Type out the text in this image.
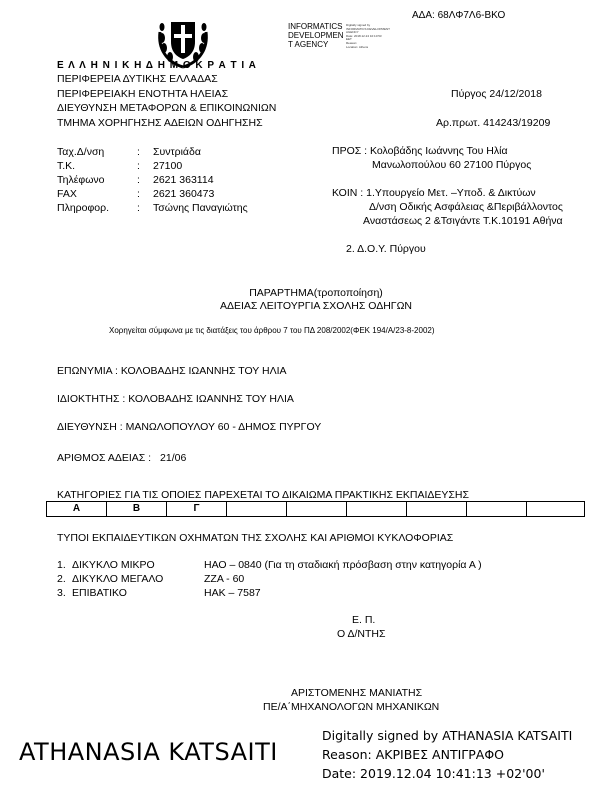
ΑΔΑ: 68ΛΦ7Λ6-ΒΚΟ
INFORMATICS
DEVELOPMEN
T AGENCY
Digitally signed by
INFORMATICS DEVELOPMENT
AGENCY
Date: 2018.12.24 10:10:53
EET
Reason:
Location: Athens
Ε Λ Λ Η Ν Ι Κ Η Δ Η Μ Ο Κ Ρ Α Τ Ι Α
ΠΕΡΙΦΕΡΕΙΑ ΔΥΤΙΚΗΣ ΕΛΛΑΔΑΣ
ΠΕΡΙΦΕΡΕΙΑΚΗ ΕΝΟΤΗΤΑ ΗΛΕΙΑΣ
ΔΙΕΥΘΥΝΣΗ ΜΕΤΑΦΟΡΩΝ & ΕΠΙΚΟΙΝΩΝΙΩΝ
ΤΜΗΜΑ ΧΟΡΗΓΗΣΗΣ ΑΔΕΙΩΝ ΟΔΗΓΗΣΗΣ
Πύργος 24/12/2018
Αρ.πρωτ. 414243/19209
Ταχ.Δ/νση	: Συντριάδα
Τ.Κ.	: 27100
Τηλέφωνο	: 2621 363114
FAX	: 2621 360473
Πληροφορ.	: Τσώνης Παναγιώτης
ΠΡΟΣ : Κολοβάδης Ιωάννης Του Ηλία
Μανωλοπούλου 60 27100 Πύργος
ΚΟΙΝ : 1.Υπουργείο Μετ. –Υποδ. & Δικτύων
Δ/νση Οδικής Ασφάλειας &Περιβάλλοντος
Αναστάσεως 2 &Τσιγάντε Τ.Κ.10191 Αθήνα
2. Δ.Ο.Υ. Πύργου
ΠΑΡΑΡΤΗΜΑ(τροποποίηση)
ΑΔΕΙΑΣ ΛΕΙΤΟΥΡΓΙΑ ΣΧΟΛΗΣ ΟΔΗΓΩΝ
Χορηγείται σύμφωνα με τις διατάξεις του άρθρου 7 του ΠΔ 208/2002(ΦΕΚ 194/Α/23-8-2002)
ΕΠΩΝΥΜΙΑ : ΚΟΛΟΒΑΔΗΣ ΙΩΑΝΝΗΣ ΤΟΥ ΗΛΙΑ
ΙΔΙΟΚΤΗΤΗΣ : ΚΟΛΟΒΑΔΗΣ ΙΩΑΝΝΗΣ ΤΟΥ ΗΛΙΑ
ΔΙΕΥΘΥΝΣΗ : ΜΑΝΩΛΟΠΟΥΛΟΥ 60 - ΔΗΜΟΣ ΠΥΡΓΟΥ
ΑΡΙΘΜΟΣ ΑΔΕΙΑΣ : 21/06
ΚΑΤΗΓΟΡΙΕΣ ΓΙΑ ΤΙΣ ΟΠΟΙΕΣ ΠΑΡΕΧΕΤΑΙ ΤΟ ΔΙΚΑΙΩΜΑ ΠΡΑΚΤΙΚΗΣ ΕΚΠΑΙΔΕΥΣΗΣ
Α	Β	Γ
ΤΥΠΟΙ ΕΚΠΑΙΔΕΥΤΙΚΩΝ ΟΧΗΜΑΤΩΝ ΤΗΣ ΣΧΟΛΗΣ ΚΑΙ ΑΡΙΘΜΟΙ ΚΥΚΛΟΦΟΡΙΑΣ
1. ΔΙΚΥΚΛΟ ΜΙΚΡΟ	ΗΑΟ – 0840 (Για τη σταδιακή πρόσβαση στην κατηγορία Α )
2. ΔΙΚΥΚΛΟ ΜΕΓΑΛΟ	ΖΖΑ - 60
3. ΕΠΙΒΑΤΙΚΟ	ΗΑΚ – 7587
Ε. Π.
Ο Δ/ΝΤΗΣ
ΑΡΙΣΤΟΜΕΝΗΣ ΜΑΝΙΑΤΗΣ
ΠΕ/Α΄ΜΗΧΑΝΟΛΟΓΩΝ ΜΗΧΑΝΙΚΩΝ
ATHANASIA KATSAITI
Digitally signed by ATHANASIA KATSAITI
Reason: ΑΚΡΙΒΕΣ ΑΝΤΙΓΡΑΦΟ
Date: 2019.12.04 10:41:13 +02'00'
